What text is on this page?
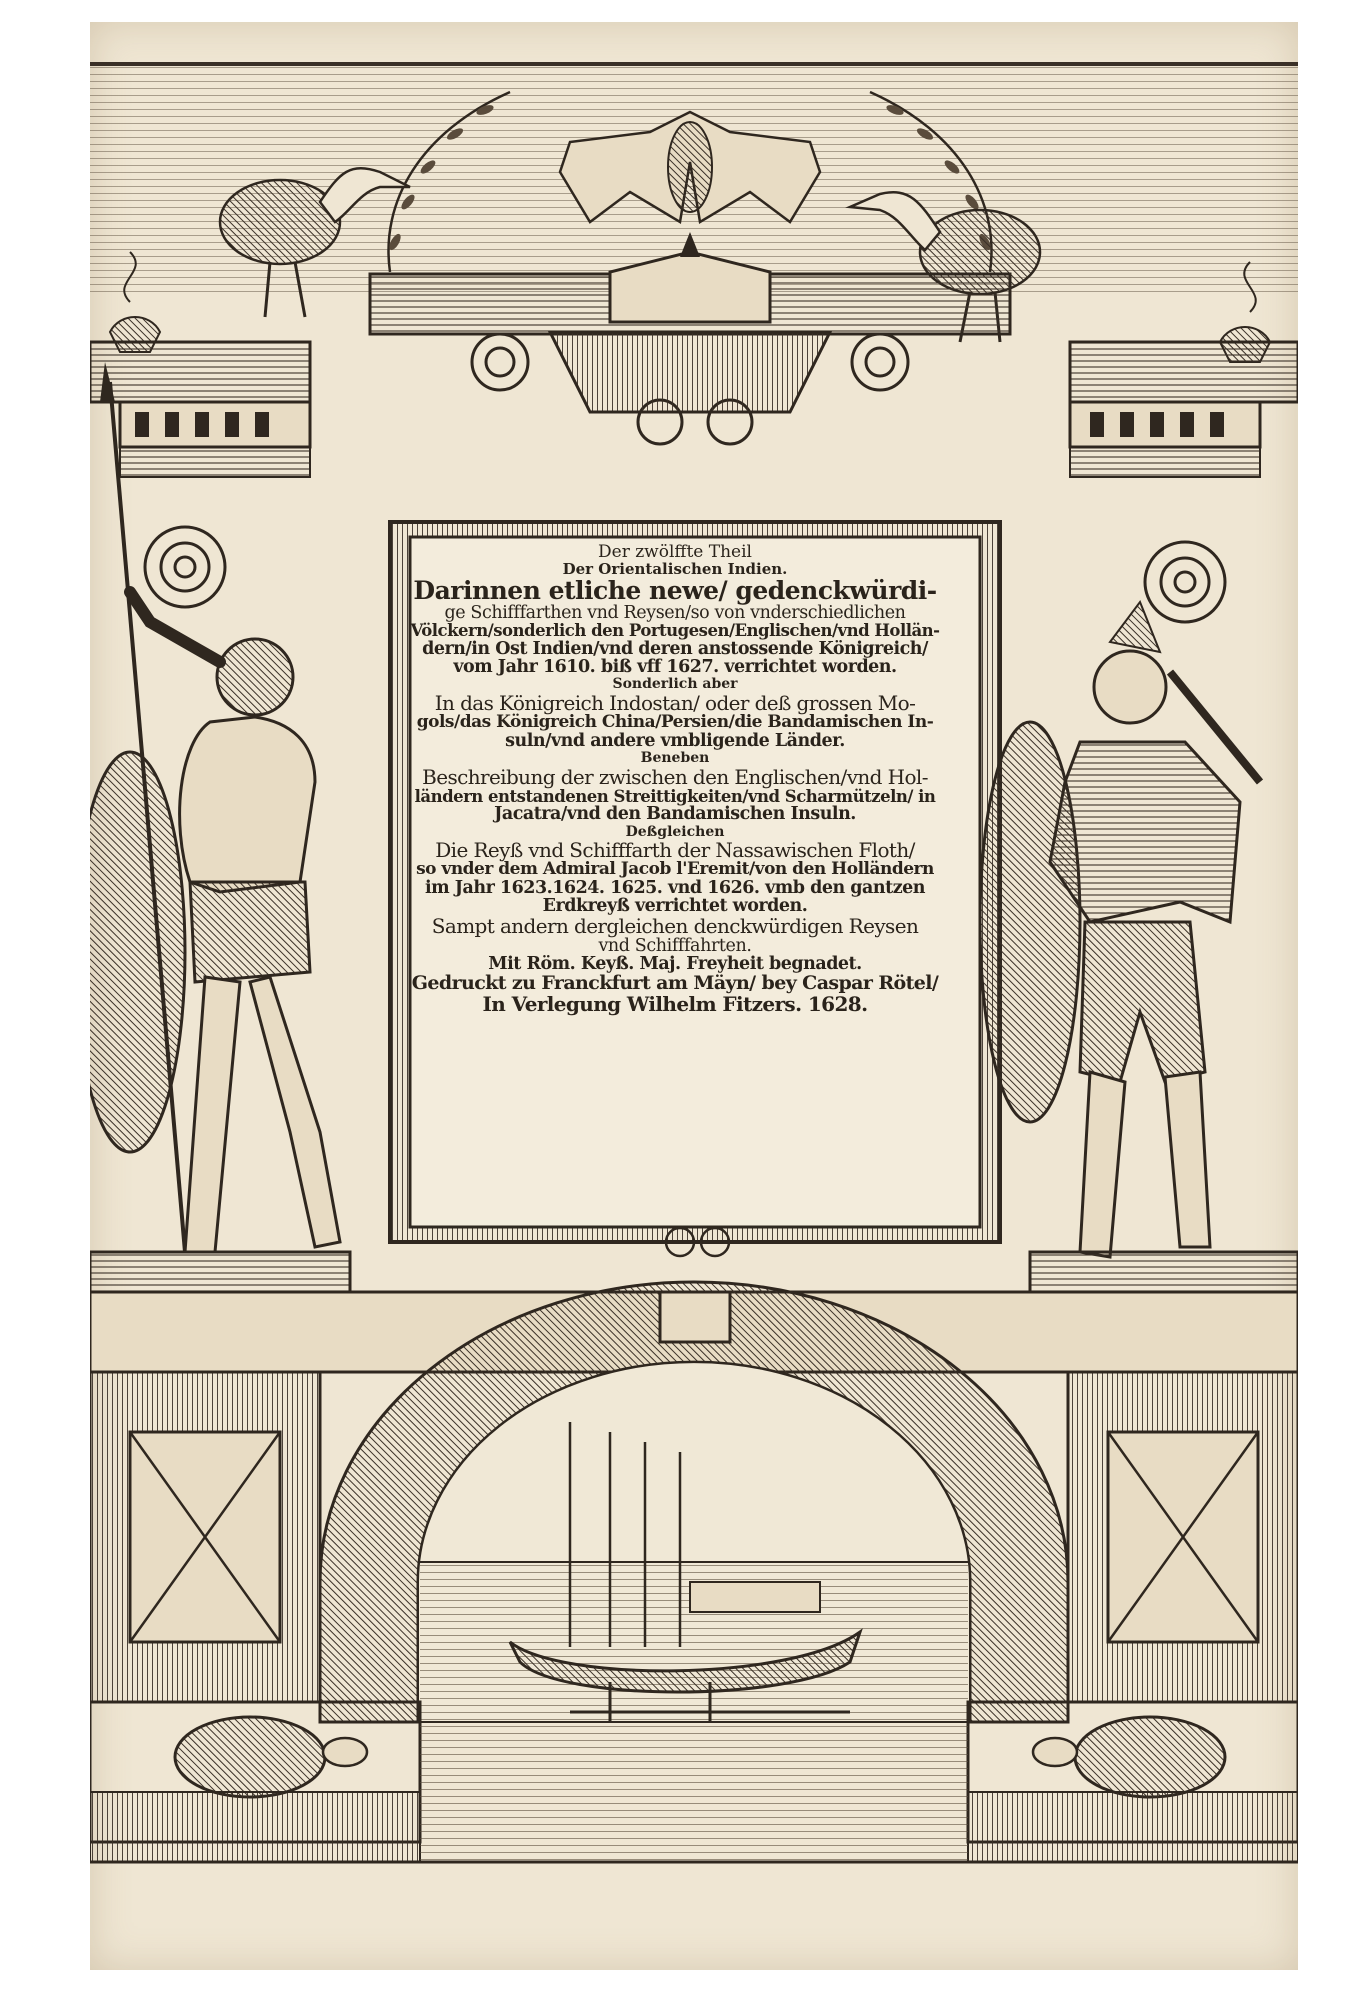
Der zwölffte Theil
Der Orientalischen Indien.
Darinnen etliche newe/ gedenckwürdi-
ge Schifffarthen vnd Reysen/so von vnderschiedlichen
Völckern/sonderlich den Portugesen/Englischen/vnd Hollän-
dern/in Ost Indien/vnd deren anstossende Königreich/
vom Jahr 1610. biß vff 1627. verrichtet worden.
Sonderlich aber
In das Königreich Indostan/ oder deß grossen Mo-
gols/das Königreich China/Persien/die Bandamischen In-
suln/vnd andere vmbligende Länder.
Beneben
Beschreibung der zwischen den Englischen/vnd Hol-
ländern entstandenen Streittigkeiten/vnd Scharmützeln/ in
Jacatra/vnd den Bandamischen Insuln.
Deßgleichen
Die Reyß vnd Schifffarth der Nassawischen Floth/
so vnder dem Admiral Jacob l'Eremit/von den Holländern
im Jahr 1623.1624. 1625. vnd 1626. vmb den gantzen
Erdkreyß verrichtet worden.
Sampt andern dergleichen denckwürdigen Reysen
vnd Schifffahrten.
Mit Röm. Keyß. Maj. Freyheit begnadet.
Gedruckt zu Franckfurt am Mäyn/ bey Caspar Rötel/
In Verlegung Wilhelm Fitzers. 1628.
